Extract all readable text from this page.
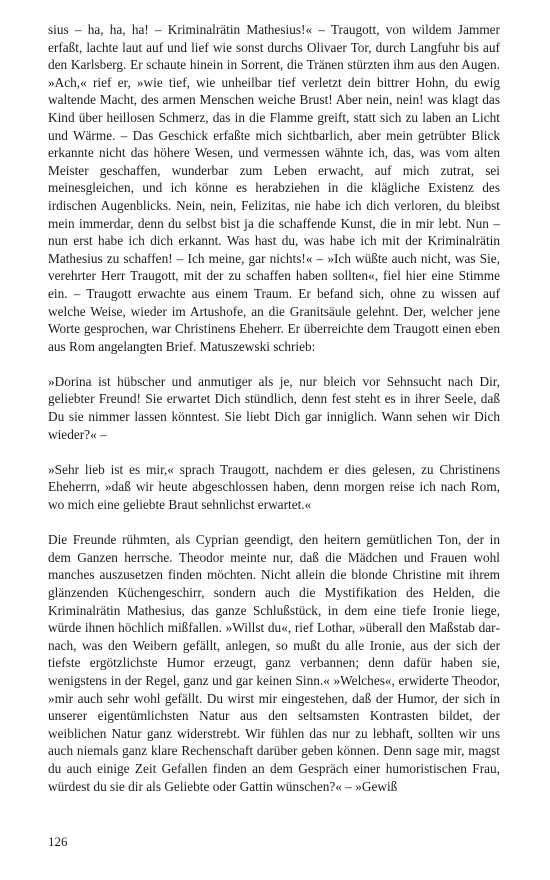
sius – ha, ha, ha! – Kriminalrätin Mathesius!« – Traugott, von wildem Jammer erfaßt, lachte laut auf und lief wie sonst durchs Olivaer Tor, durch Langfuhr bis auf den Karlsberg. Er schaute hinein in Sorrent, die Tränen stürzten ihm aus den Augen. »Ach,« rief er, »wie tief, wie unheilbar tief verletzt dein bittrer Hohn, du ewig waltende Macht, des armen Menschen weiche Brust! Aber nein, nein! was klagt das Kind über heillosen Schmerz, das in die Flamme greift, statt sich zu laben an Licht und Wärme. – Das Geschick erfaßte mich sichtbarlich, aber mein getrübter Blick erkannte nicht das höhere Wesen, und vermessen wähnte ich, das, was vom alten Meister geschaffen, wunderbar zum Leben erwacht, auf mich zutrat, sei meinesgleichen, und ich könne es herabziehen in die klägliche Existenz des irdischen Augenblicks. Nein, nein, Felizitas, nie habe ich dich verloren, du bleibst mein immerdar, denn du selbst bist ja die schaffende Kunst, die in mir lebt. Nun – nun erst habe ich dich erkannt. Was hast du, was habe ich mit der Kriminalrätin Mathesius zu schaffen! – Ich meine, gar nichts!« – »Ich wüßte auch nicht, was Sie, verehrter Herr Traugott, mit der zu schaffen haben sollten«, fiel hier eine Stimme ein. – Traugott erwachte aus einem Traum. Er befand sich, ohne zu wissen auf welche Weise, wieder im Artushofe, an die Granitsäule gelehnt. Der, welcher jene Worte gesprochen, war Christinens Eheherr. Er überreichte dem Traugott einen eben aus Rom angelangten Brief. Matuszewski schrieb:

»Dorina ist hübscher und anmutiger als je, nur bleich vor Sehnsucht nach Dir, geliebter Freund! Sie erwartet Dich stündlich, denn fest steht es in ihrer Seele, daß Du sie nimmer lassen könntest. Sie liebt Dich gar inniglich. Wann sehen wir Dich wieder?« –

»Sehr lieb ist es mir,« sprach Traugott, nachdem er dies gelesen, zu Christinens Eheherrn, »daß wir heute abgeschlossen haben, denn morgen reise ich nach Rom, wo mich eine geliebte Braut sehnlichst erwartet.«

Die Freunde rühmten, als Cyprian geendigt, den heitern gemütlichen Ton, der in dem Ganzen herrsche. Theodor meinte nur, daß die Mädchen und Frauen wohl manches auszusetzen finden möchten. Nicht allein die blonde Christine mit ihrem glänzenden Küchengeschirr, sondern auch die Mystifikation des Helden, die Kriminalrätin Mathesius, das ganze Schlußstück, in dem eine tiefe Ironie liege, würde ihnen höchlich mißfallen. »Willst du«, rief Lothar, »überall den Maßstab darnach, was den Weibern gefällt, anlegen, so mußt du alle Ironie, aus der sich der tiefste ergötzlichste Humor erzeugt, ganz verbannen; denn dafür haben sie, wenigstens in der Regel, ganz und gar keinen Sinn.« »Welches«, erwiderte Theodor, »mir auch sehr wohl gefällt. Du wirst mir eingestehen, daß der Humor, der sich in unserer eigentümlichsten Natur aus den seltsamsten Kontrasten bildet, der weiblichen Natur ganz widerstrebt. Wir fühlen das nur zu lebhaft, sollten wir uns auch niemals ganz klare Rechenschaft darüber geben können. Denn sage mir, magst du auch einige Zeit Gefallen finden an dem Gespräch einer humoristischen Frau, würdest du sie dir als Geliebte oder Gattin wünschen?« – »Gewiß

126
